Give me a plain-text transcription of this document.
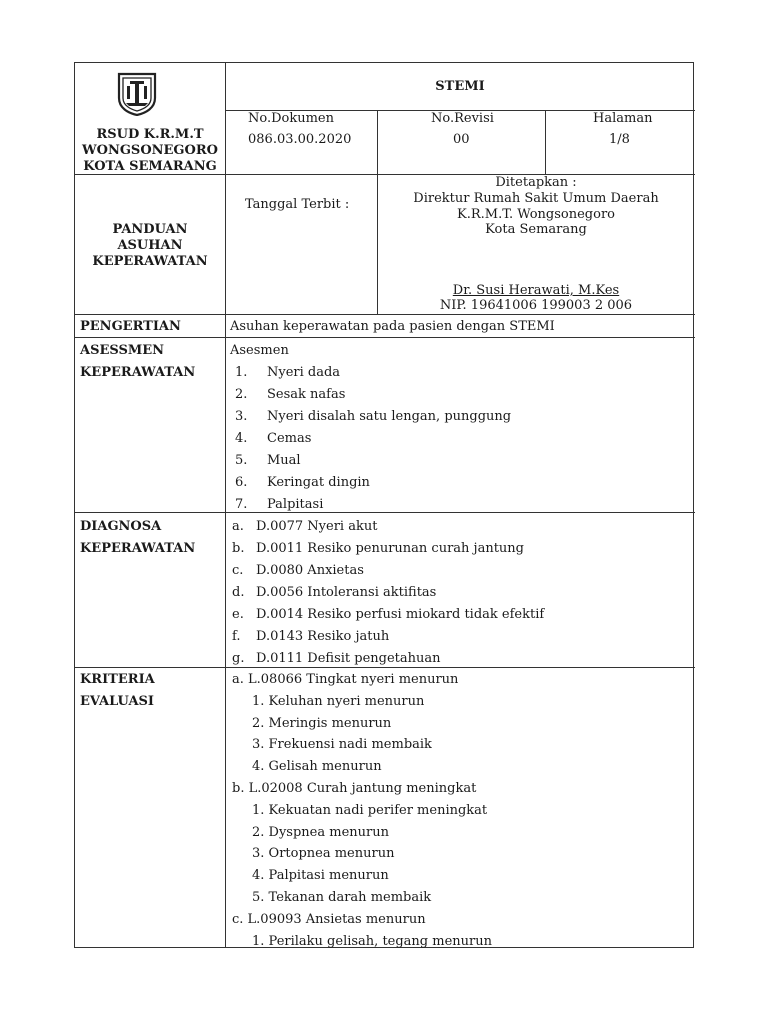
RSUD K.R.M.T
WONGSONEGORO
KOTA SEMARANG
STEMI
No.Dokumen
086.03.00.2020
No.Revisi
00
Halaman
1/8
PANDUAN
ASUHAN
KEPERAWATAN
Tanggal Terbit :
Ditetapkan :
Direktur Rumah Sakit Umum Daerah
K.R.M.T. Wongsonegoro
Kota Semarang
Dr. Susi Herawati, M.Kes
NIP. 19641006 199003 2 006
PENGERTIAN	Asuhan keperawatan pada pasien dengan STEMI
ASESSMEN
KEPERAWATAN
Asesmen
1. Nyeri dada
2. Sesak nafas
3. Nyeri disalah satu lengan, punggung
4. Cemas
5. Mual
6. Keringat dingin
7. Palpitasi
DIAGNOSA
KEPERAWATAN
a. D.0077 Nyeri akut
b. D.0011 Resiko penurunan curah jantung
c. D.0080 Anxietas
d. D.0056 Intoleransi aktifitas
e. D.0014 Resiko perfusi miokard tidak efektif
f. D.0143 Resiko jatuh
g. D.0111 Defisit pengetahuan
KRITERIA
EVALUASI
a. L.08066 Tingkat nyeri menurun
1. Keluhan nyeri menurun
2. Meringis menurun
3. Frekuensi nadi membaik
4. Gelisah menurun
b. L.02008 Curah jantung meningkat
1. Kekuatan nadi perifer meningkat
2. Dyspnea menurun
3. Ortopnea menurun
4. Palpitasi menurun
5. Tekanan darah membaik
c. L.09093 Ansietas menurun
1. Perilaku gelisah, tegang menurun
